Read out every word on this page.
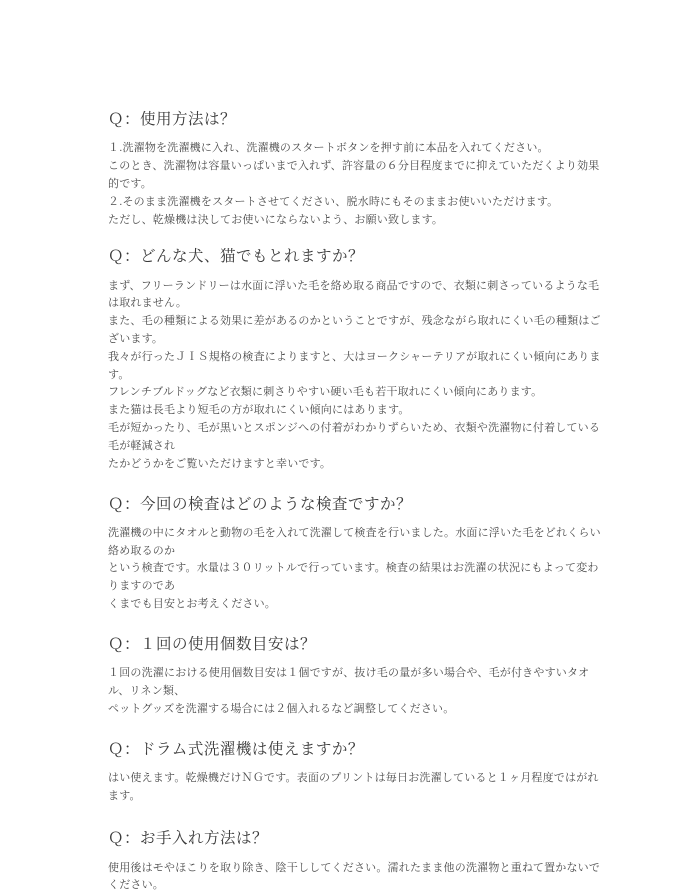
Ｑ：使用方法は？

１.洗濯物を洗濯機に入れ、洗濯機のスタートボタンを押す前に本品を入れてください。
このとき、洗濯物は容量いっぱいまで入れず、許容量の６分目程度までに抑えていただくより効果的です。
２.そのまま洗濯機をスタートさせてください、脱水時にもそのままお使いいただけます。
ただし、乾燥機は決してお使いにならないよう、お願い致します。

Ｑ：どんな犬、猫でもとれますか？

まず、フリーランドリーは水面に浮いた毛を絡め取る商品ですので、衣類に刺さっているような毛は取れません。
また、毛の種類による効果に差があるのかということですが、残念ながら取れにくい毛の種類はございます。
我々が行ったＪＩＳ規格の検査によりますと、大はヨークシャーテリアが取れにくい傾向にあります。
フレンチブルドッグなど衣類に刺さりやすい硬い毛も若干取れにくい傾向にあります。
また猫は長毛より短毛の方が取れにくい傾向にはあります。
毛が短かったり、毛が黒いとスポンジへの付着がわかりずらいため、衣類や洗濯物に付着している毛が軽減され
たかどうかをご覧いただけますと幸いです。

Ｑ：今回の検査はどのような検査ですか？

洗濯機の中にタオルと動物の毛を入れて洗濯して検査を行いました。水面に浮いた毛をどれくらい絡め取るのか
という検査です。水量は３０リットルで行っています。検査の結果はお洗濯の状況にもよって変わりますのであ
くまでも目安とお考えください。

Ｑ：１回の使用個数目安は？

１回の洗濯における使用個数目安は１個ですが、抜け毛の量が多い場合や、毛が付きやすいタオル、リネン類、
ペットグッズを洗濯する場合には２個入れるなど調整してください。

Ｑ：ドラム式洗濯機は使えますか？

はい使えます。乾燥機だけＮＧです。表面のプリントは毎日お洗濯していると１ヶ月程度ではがれます。

Ｑ：お手入れ方法は？

使用後はモやほこりを取り除き、陰干ししてください。濡れたまま他の洗濯物と重ねて置かないでください。
